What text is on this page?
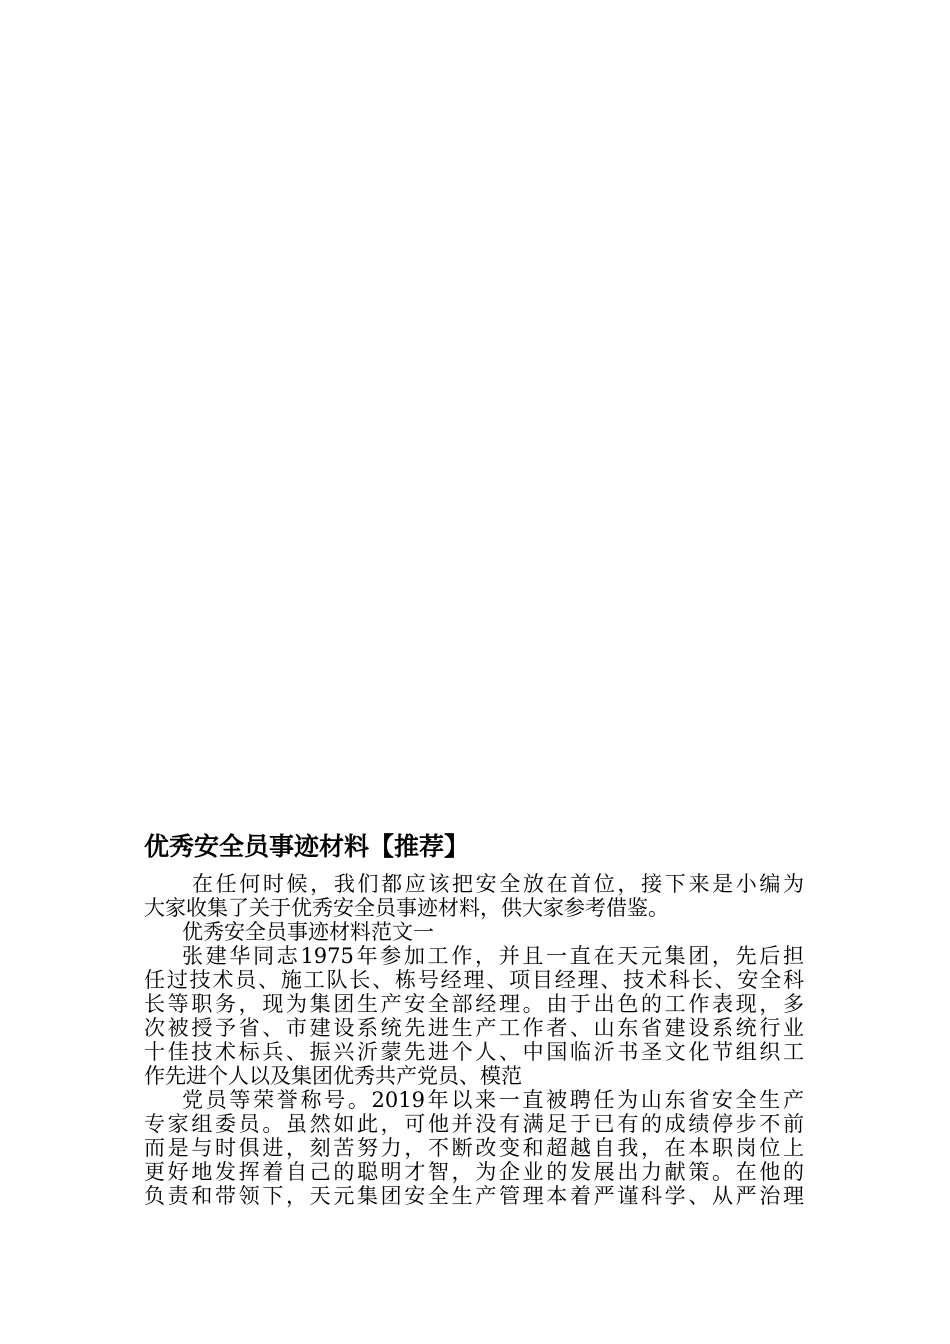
优秀安全员事迹材料【推荐】
在任何时候，我们都应该把安全放在首位，接下来是小编为
大家收集了关于优秀安全员事迹材料，供大家参考借鉴。
优秀安全员事迹材料范文一
张建华同志1975年参加工作，并且一直在天元集团，先后担
任过技术员、施工队长、栋号经理、项目经理、技术科长、安全科
长等职务，现为集团生产安全部经理。由于出色的工作表现，多
次被授予省、市建设系统先进生产工作者、山东省建设系统行业
十佳技术标兵、振兴沂蒙先进个人、中国临沂书圣文化节组织工
作先进个人以及集团优秀共产党员、模范
党员等荣誉称号。2019年以来一直被聘任为山东省安全生产
专家组委员。虽然如此，可他并没有满足于已有的成绩停步不前
而是与时俱进，刻苦努力，不断改变和超越自我，在本职岗位上
更好地发挥着自己的聪明才智，为企业的发展出力献策。在他的
负责和带领下，天元集团安全生产管理本着严谨科学、从严治理
